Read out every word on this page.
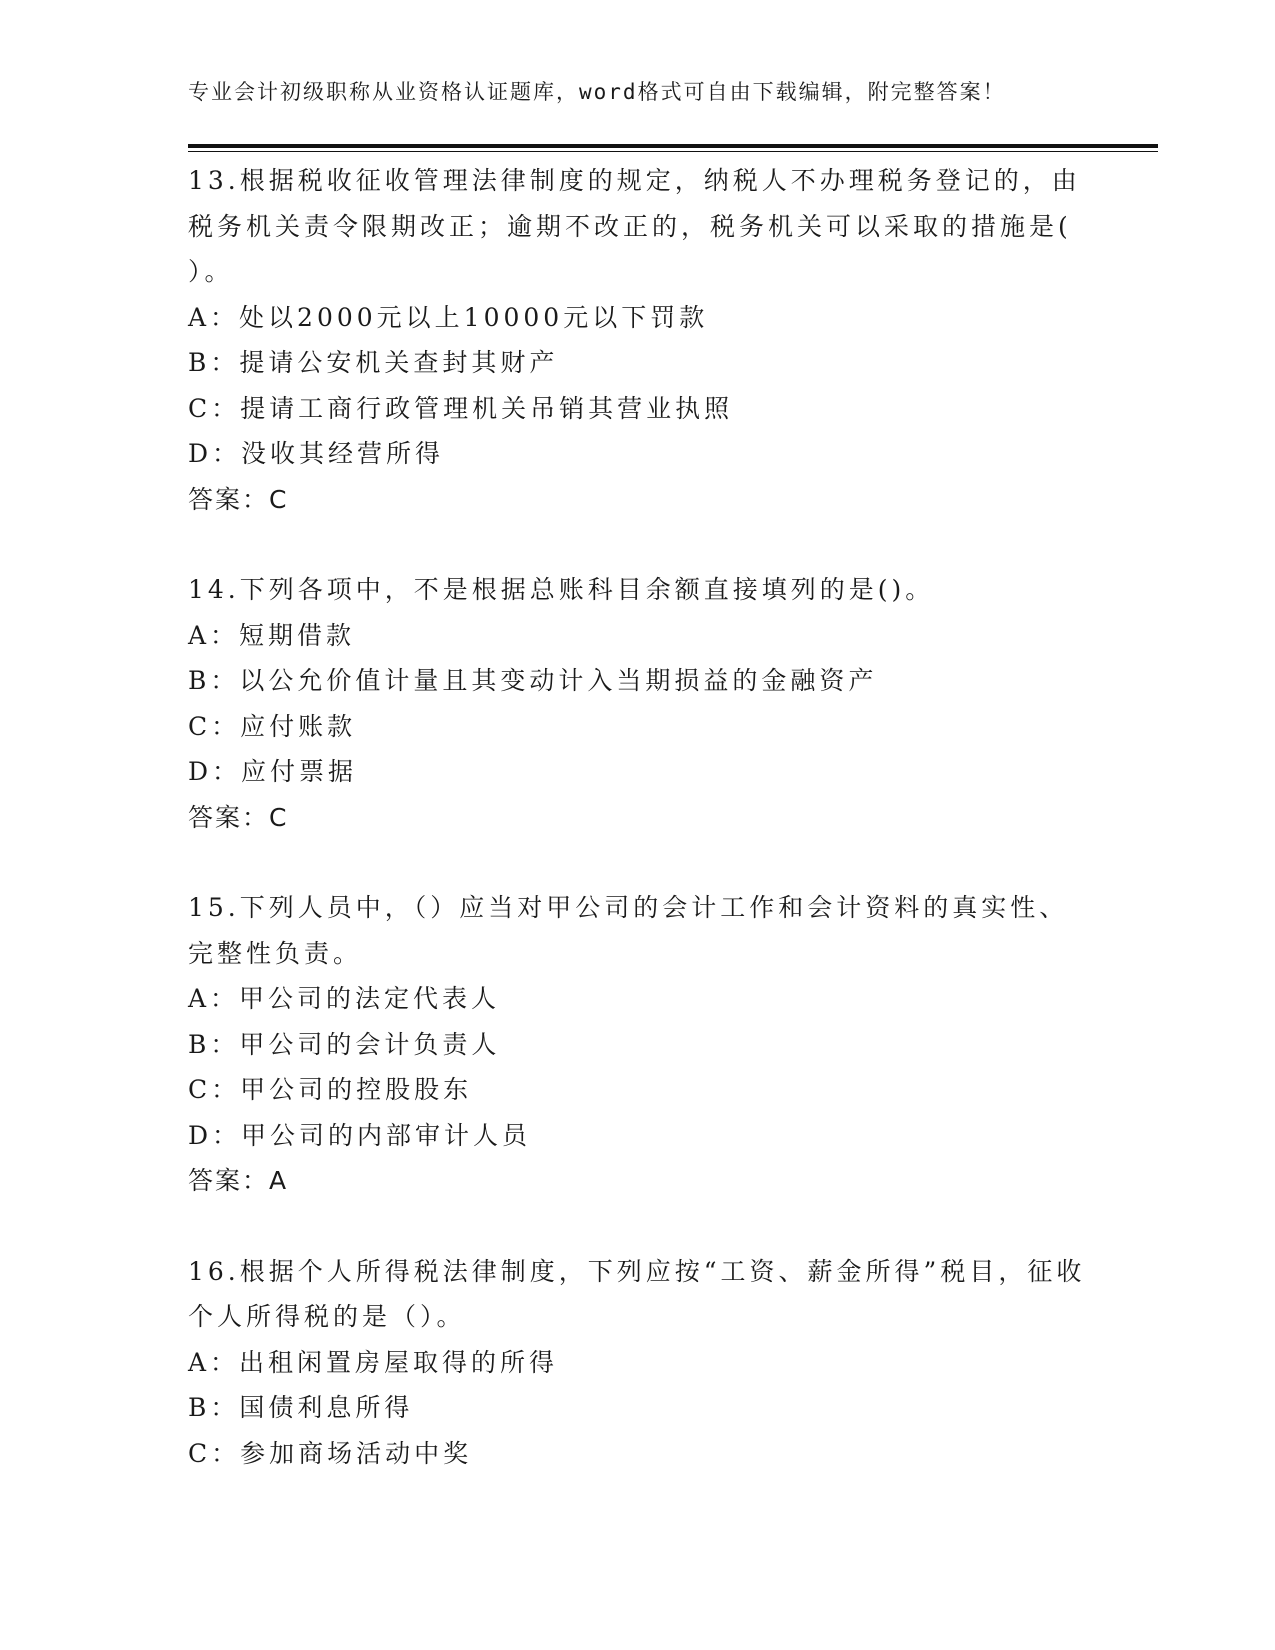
专业会计初级职称从业资格认证题库，word格式可自由下载编辑，附完整答案！
13.根据税收征收管理法律制度的规定，纳税人不办理税务登记的，由税务机关责令限期改正；逾期不改正的，税务机关可以采取的措施是( ）。
A：处以2000元以上10000元以下罚款
B：提请公安机关查封其财产
C：提请工商行政管理机关吊销其营业执照
D：没收其经营所得
答案：C
14.下列各项中，不是根据总账科目余额直接填列的是()。
A：短期借款
B：以公允价值计量且其变动计入当期损益的金融资产
C：应付账款
D：应付票据
答案：C
15.下列人员中，（）应当对甲公司的会计工作和会计资料的真实性、完整性负责。
A：甲公司的法定代表人
B：甲公司的会计负责人
C：甲公司的控股股东
D：甲公司的内部审计人员
答案：A
16.根据个人所得税法律制度，下列应按“工资、薪金所得”税目，征收个人所得税的是（）。
A：出租闲置房屋取得的所得
B：国债利息所得
C：参加商场活动中奖
